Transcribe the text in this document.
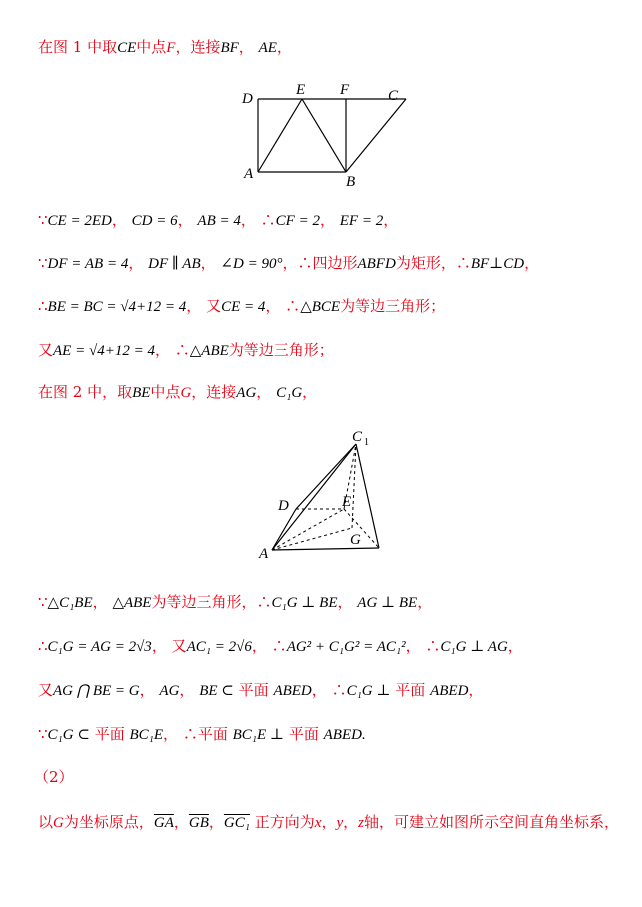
在图 1 中取CE中点F，连接BF， AE，
D
E F	C
A	B
∵CE = 2ED， CD = 6， AB = 4， ∴CF = 2， EF = 2，
∵DF = AB = 4， DF ∥ AB， ∠D = 90°，∴四边形ABFD为矩形，∴BF⊥CD，
∴BE = BC = √4+12 = 4， 又CE = 4， ∴△BCE为等边三角形；
又AE = √4+12 = 4， ∴△ABE为等边三角形；
在图 2 中，取BE中点G，连接AG， C₁G，
C 1
D	E
G
A
∵△C₁BE， △ABE为等边三角形，∴C₁G ⊥ BE， AG ⊥ BE，
∴C₁G = AG = 2√3， 又AC₁ = 2√6， ∴AG² + C₁G² = AC₁²， ∴C₁G ⊥ AG，
又AG ⋂ BE = G， AG， BE ⊂ 平面 ABED， ∴C₁G ⊥ 平面 ABED，
∵C₁G ⊂ 平面 BC₁E， ∴平面 BC₁E ⊥ 平面 ABED.
（2）
以G为坐标原点，$\overline{GA}$，$\overline{GB}$，GC₁ 正方向为x，y，z轴，可建立如图所示空间直角坐标系，
